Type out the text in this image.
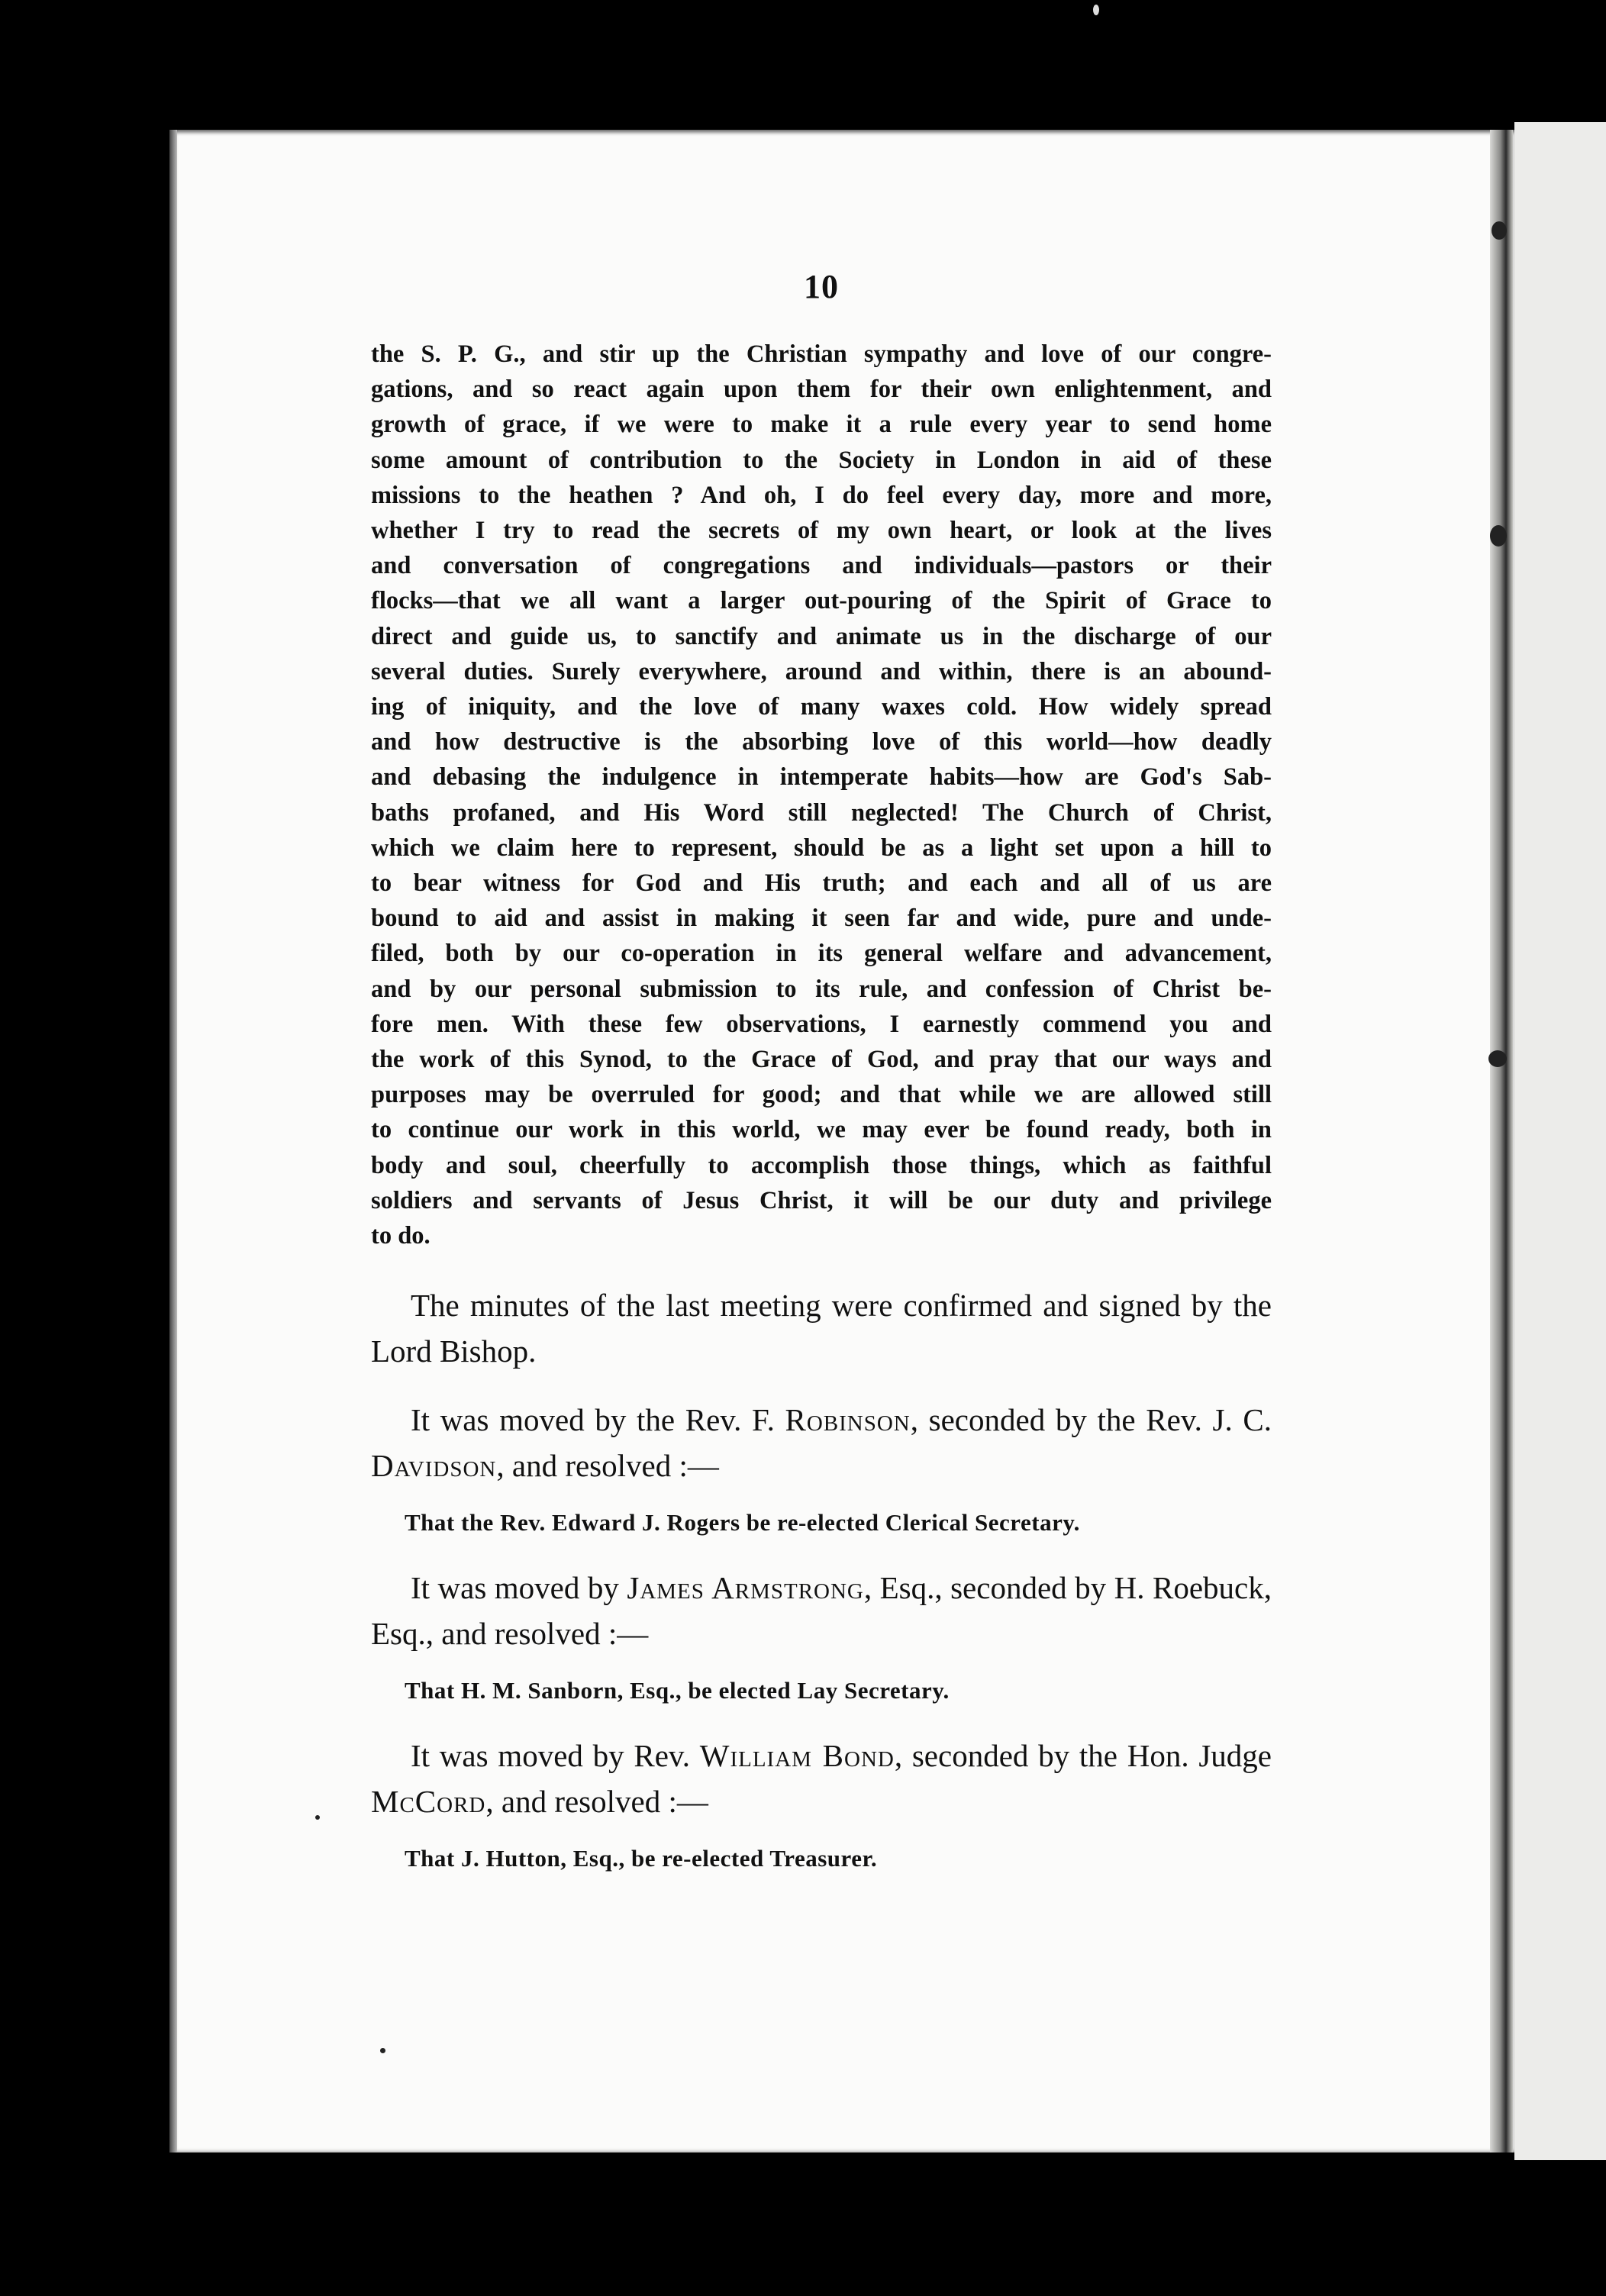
10
the S. P. G., and stir up the Christian sympathy and love of our congre-
gations, and so react again upon them for their own enlightenment, and
growth of grace, if we were to make it a rule every year to send home
some amount of contribution to the Society in London in aid of these
missions to the heathen ? And oh, I do feel every day, more and more,
whether I try to read the secrets of my own heart, or look at the lives
and conversation of congregations and individuals—pastors or their
flocks—that we all want a larger out-pouring of the Spirit of Grace to
direct and guide us, to sanctify and animate us in the discharge of our
several duties. Surely everywhere, around and within, there is an abound-
ing of iniquity, and the love of many waxes cold. How widely spread
and how destructive is the absorbing love of this world—how deadly
and debasing the indulgence in intemperate habits—how are God's Sab-
baths profaned, and His Word still neglected! The Church of Christ,
which we claim here to represent, should be as a light set upon a hill to
to bear witness for God and His truth; and each and all of us are
bound to aid and assist in making it seen far and wide, pure and unde-
filed, both by our co-operation in its general welfare and advancement,
and by our personal submission to its rule, and confession of Christ be-
fore men. With these few observations, I earnestly commend you and
the work of this Synod, to the Grace of God, and pray that our ways and
purposes may be overruled for good; and that while we are allowed still
to continue our work in this world, we may ever be found ready, both in
body and soul, cheerfully to accomplish those things, which as faithful
soldiers and servants of Jesus Christ, it will be our duty and privilege
to do.

The minutes of the last meeting were confirmed and signed by the Lord Bishop.

It was moved by the Rev. F. Robinson, seconded by the Rev. J. C. Davidson, and resolved :—

That the Rev. Edward J. Rogers be re-elected Clerical Secretary.

It was moved by James Armstrong, Esq., seconded by H. Roebuck, Esq., and resolved :—

That H. M. Sanborn, Esq., be elected Lay Secretary.

It was moved by Rev. William Bond, seconded by the Hon. Judge McCord, and resolved :—

That J. Hutton, Esq., be re-elected Treasurer.
